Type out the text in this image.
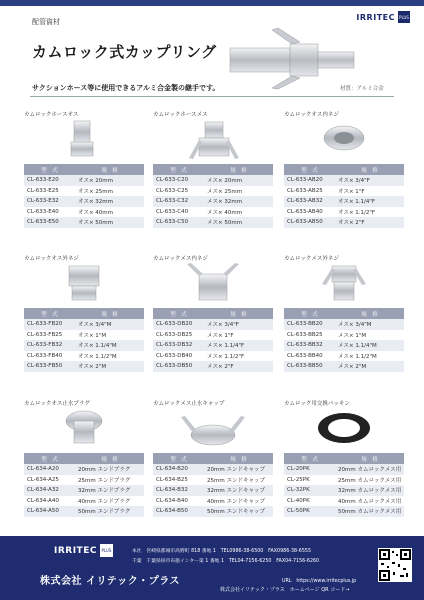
配管資材
IRRITEC PLUS
カムロック式カップリング
サクションホース等に使用できるアルミ合金製の継手です。	材質：アルミ合金
カムロックホースオス
型　式	規　格
CL-633-E20	オス× 20mm
CL-633-E25	オス× 25mm
CL-633-E32	オス× 32mm
CL-633-E40	オス× 40mm
CL-633-E50	オス× 50mm
カムロックホースメス
型　式	規　格
CL-633-C20	メス× 20mm
CL-633-C25	メス× 25mm
CL-633-C32	メス× 32mm
CL-633-C40	メス× 40mm
CL-633-C50	メス× 50mm
カムロックオス内ネジ
型　式	規　格
CL-633-AB20	オス× 3/4"F
CL-633-AB25	オス× 1"F
CL-633-AB32	オス× 1.1/4"F
CL-633-AB40	オス× 1.1/2"F
CL-633-AB50	オス× 2"F
カムロックオス外ネジ
型　式	規　格
CL-633-FB20	オス× 3/4"M
CL-633-FB25	オス× 1"M
CL-633-FB32	オス× 1.1/4"M
CL-633-FB40	オス× 1.1/2"M
CL-633-FB50	オス× 2"M
カムロックメス内ネジ
型　式	規　格
CL-633-DB20	メス× 3/4"F
CL-633-DB25	メス× 1"F
CL-633-DB32	メス× 1.1/4"F
CL-633-DB40	メス× 1.1/2"F
CL-633-DB50	メス× 2"F
カムロックメス外ネジ
型　式	規　格
CL-633-BB20	メス× 3/4"M
CL-633-BB25	メス× 1"M
CL-633-BB32	メス× 1.1/4"M
CL-633-BB40	メス× 1.1/2"M
CL-633-BB50	メス× 2"M
カムロックオス止水プラグ
型　式	規　格
CL-634-A20	20mm エンドプラグ
CL-634-A25	25mm エンドプラグ
CL-634-A32	32mm エンドプラグ
CL-634-A40	40mm エンドプラグ
CL-634-A50	50mm エンドプラグ
カムロックメス止水キャップ
型　式	規　格
CL-634-B20	20mm エンドキャップ
CL-634-B25	25mm エンドキャップ
CL-634-B32	32mm エンドキャップ
CL-634-B40	40mm エンドキャップ
CL-634-B50	50mm エンドキャップ
カムロック用交換パッキン
型　式	規　格
CL-20PK	20mm カムロックメス用
CL-25PK	25mm カムロックメス用
CL-32PK	32mm カムロックメス用
CL-40PK	40mm カムロックメス用
CL-50PK	50mm カムロックメス用
IRRITEC	PLUS
株式会社 イリテック・プラス
本社　宮崎県都城市高野町 818 番地 1　TEL0986-38-6500　FAX0986-38-6555
千葉　千葉県柏市布施インター第 1 番地 1　TEL04-7156-6250　FAX04-7156-6260
URL　https://www.irritecplus.jp
株式会社イリテック・プラス　ホームページ QR コード→
